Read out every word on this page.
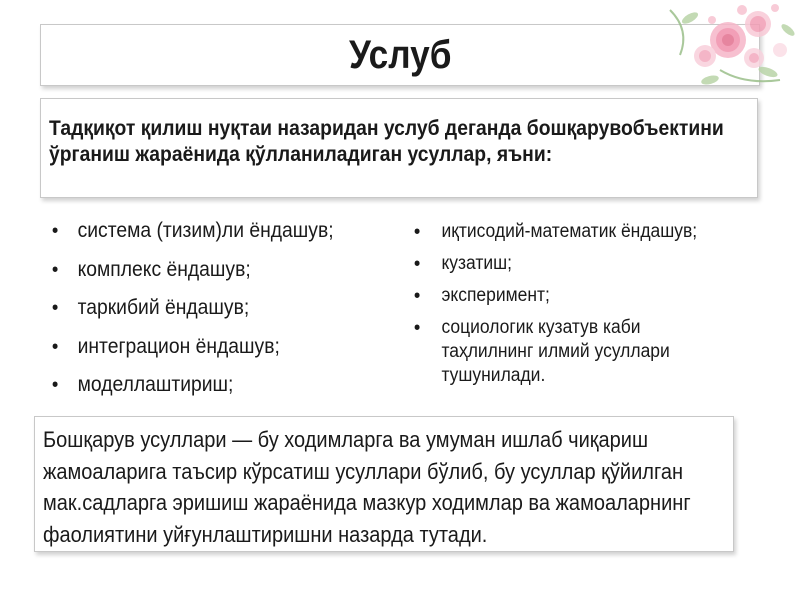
Услуб

Тадқиқот қилиш нуқтаи назаридан услуб деганда бошқарувобъектини ўрганиш жараёнида қўлланиладиган усуллар, яъни:

• система (тизим)ли ёндашув;
• комплекс ёндашув;
• таркибий ёндашув;
• интеграцион ёндашув;
• моделлаштириш;
• иқтисодий-математик ёндашув;
• кузатиш;
• эксперимент;
• социологик кузатув каби таҳлилнинг илмий усуллари тушунилади.

Бошқарув усуллари — бу ходимларга ва умуман ишлаб чиқариш жамоаларига таъсир кўрсатиш усуллари бўлиб, бу усуллар қўйилган мак.садларга эришиш жараёнида мазкур ходимлар ва жамоаларнинг фаолиятини уйғунлаштиришни назарда тутади.
